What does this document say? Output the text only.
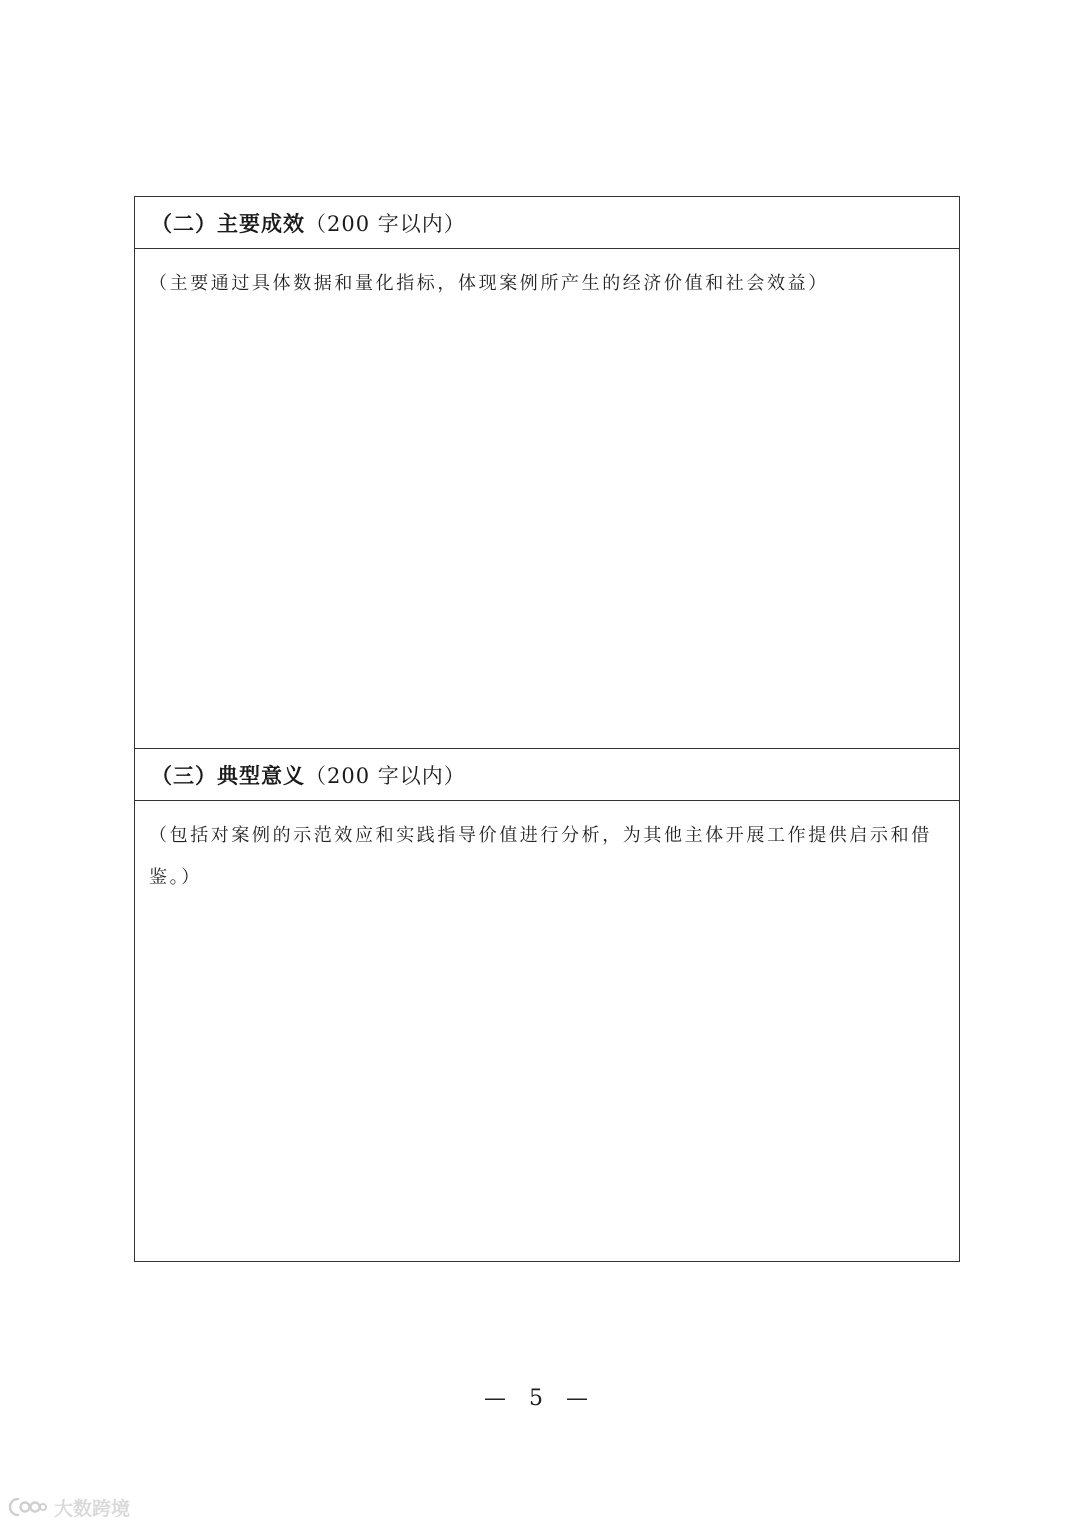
（二）主要成效（200 字以内）
（主要通过具体数据和量化指标，体现案例所产生的经济价值和社会效益）
（三）典型意义（200 字以内）
（包括对案例的示范效应和实践指导价值进行分析，为其他主体开展工作提供启示和借鉴。）
— 5 —
大数跨境
